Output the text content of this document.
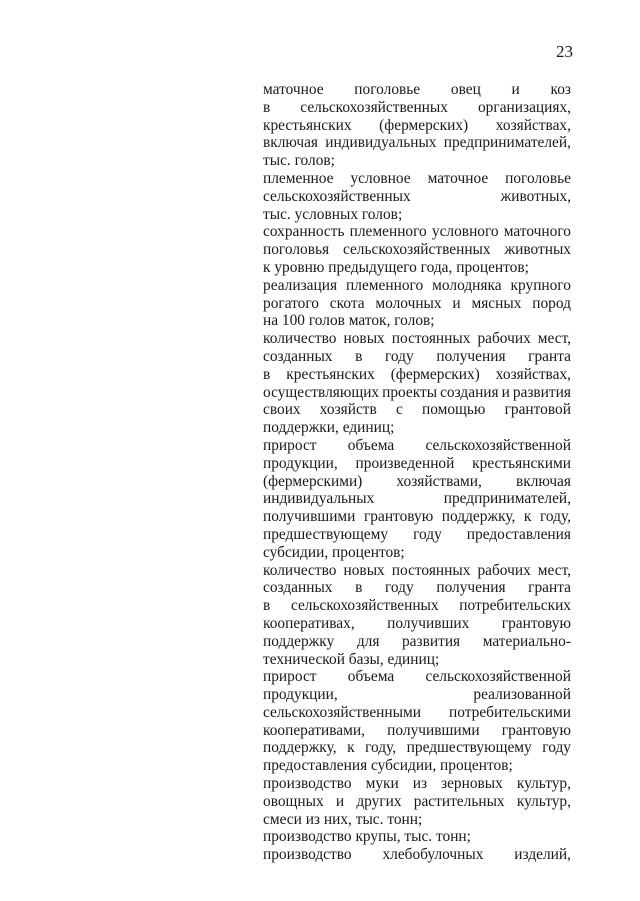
23
маточное поголовье овец и коз
в сельскохозяйственных организациях,
крестьянских (фермерских) хозяйствах,
включая индивидуальных предпринимателей,
тыс. голов;
племенное условное маточное поголовье
сельскохозяйственных	животных,
тыс. условных голов;
сохранность племенного условного маточного
поголовья сельскохозяйственных животных
к уровню предыдущего года, процентов;
реализация племенного молодняка крупного
рогатого скота молочных и мясных пород
на 100 голов маток, голов;
количество новых постоянных рабочих мест,
созданных в году получения гранта
в крестьянских (фермерских) хозяйствах,
осуществляющих проекты создания и развития
своих хозяйств с помощью грантовой
поддержки, единиц;
прирост объема сельскохозяйственной
продукции, произведенной крестьянскими
(фермерскими) хозяйствами, включая
индивидуальных	предпринимателей,
получившими грантовую поддержку, к году,
предшествующему году предоставления
субсидии, процентов;
количество новых постоянных рабочих мест,
созданных в году получения гранта
в сельскохозяйственных потребительских
кооперативах, получивших грантовую
поддержку для развития материально-
технической базы, единиц;
прирост объема сельскохозяйственной
продукции,	реализованной
сельскохозяйственными потребительскими
кооперативами, получившими грантовую
поддержку, к году, предшествующему году
предоставления субсидии, процентов;
производство муки из зерновых культур,
овощных и других растительных культур,
смеси из них, тыс. тонн;
производство крупы, тыс. тонн;
производство хлебобулочных изделий,
